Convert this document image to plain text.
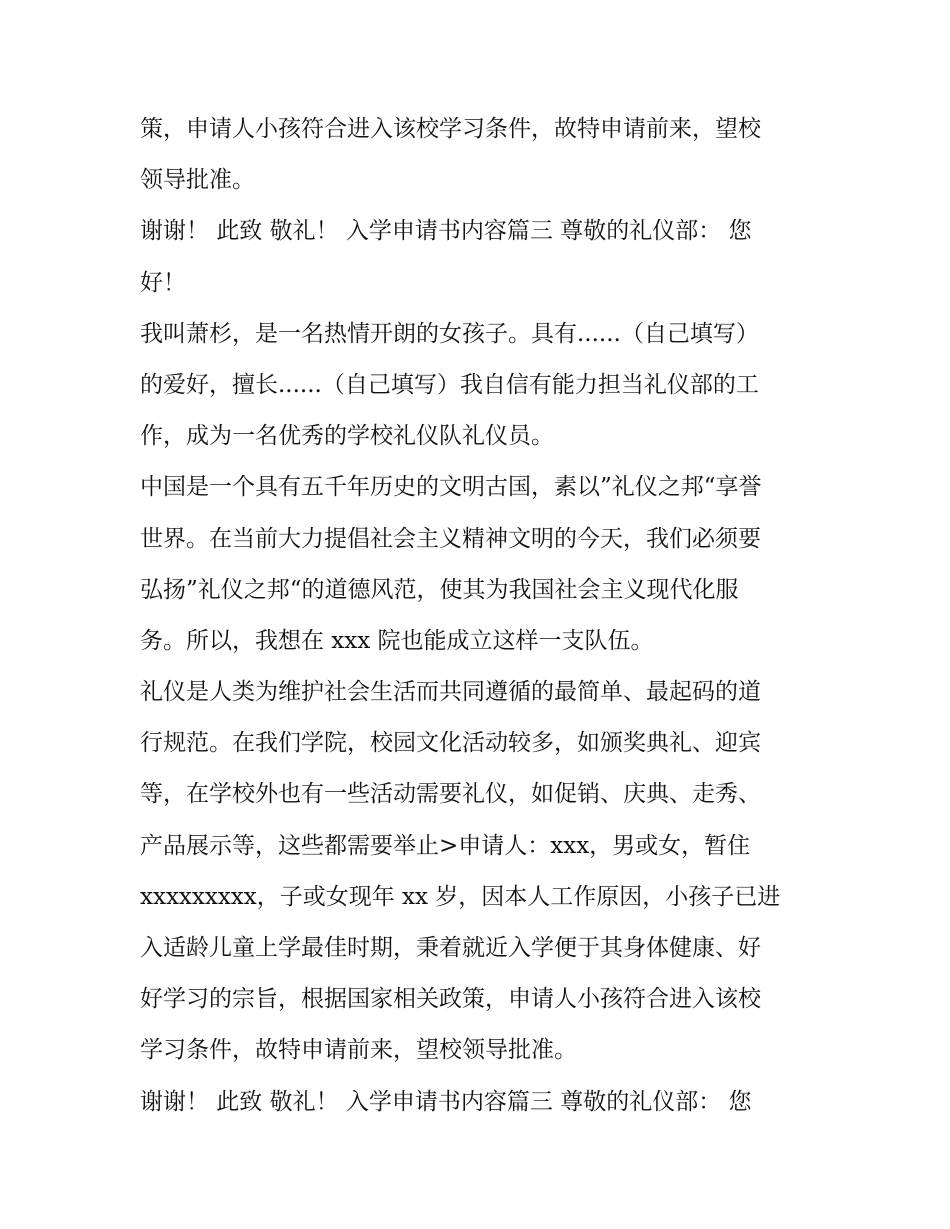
策，申请人小孩符合进入该校学习条件，故特申请前来，望校
领导批准。
谢谢！ 此致 敬礼！ 入学申请书内容篇三 尊敬的礼仪部： 您
好！
我叫萧杉，是一名热情开朗的女孩子。具有......（自己填写）
的爱好，擅长......（自己填写）我自信有能力担当礼仪部的工
作，成为一名优秀的学校礼仪队礼仪员。
中国是一个具有五千年历史的文明古国，素以”礼仪之邦“享誉
世界。在当前大力提倡社会主义精神文明的今天，我们必须要
弘扬”礼仪之邦“的道德风范，使其为我国社会主义现代化服
务。所以，我想在 xxx 院也能成立这样一支队伍。
礼仪是人类为维护社会生活而共同遵循的最简单、最起码的道
行规范。在我们学院，校园文化活动较多，如颁奖典礼、迎宾
等，在学校外也有一些活动需要礼仪，如促销、庆典、走秀、
产品展示等，这些都需要举止>申请人：xxx，男或女，暂住
xxxxxxxxx，子或女现年 xx 岁，因本人工作原因，小孩子已进
入适龄儿童上学最佳时期，秉着就近入学便于其身体健康、好
好学习的宗旨，根据国家相关政策，申请人小孩符合进入该校
学习条件，故特申请前来，望校领导批准。
谢谢！ 此致 敬礼！ 入学申请书内容篇三 尊敬的礼仪部： 您
